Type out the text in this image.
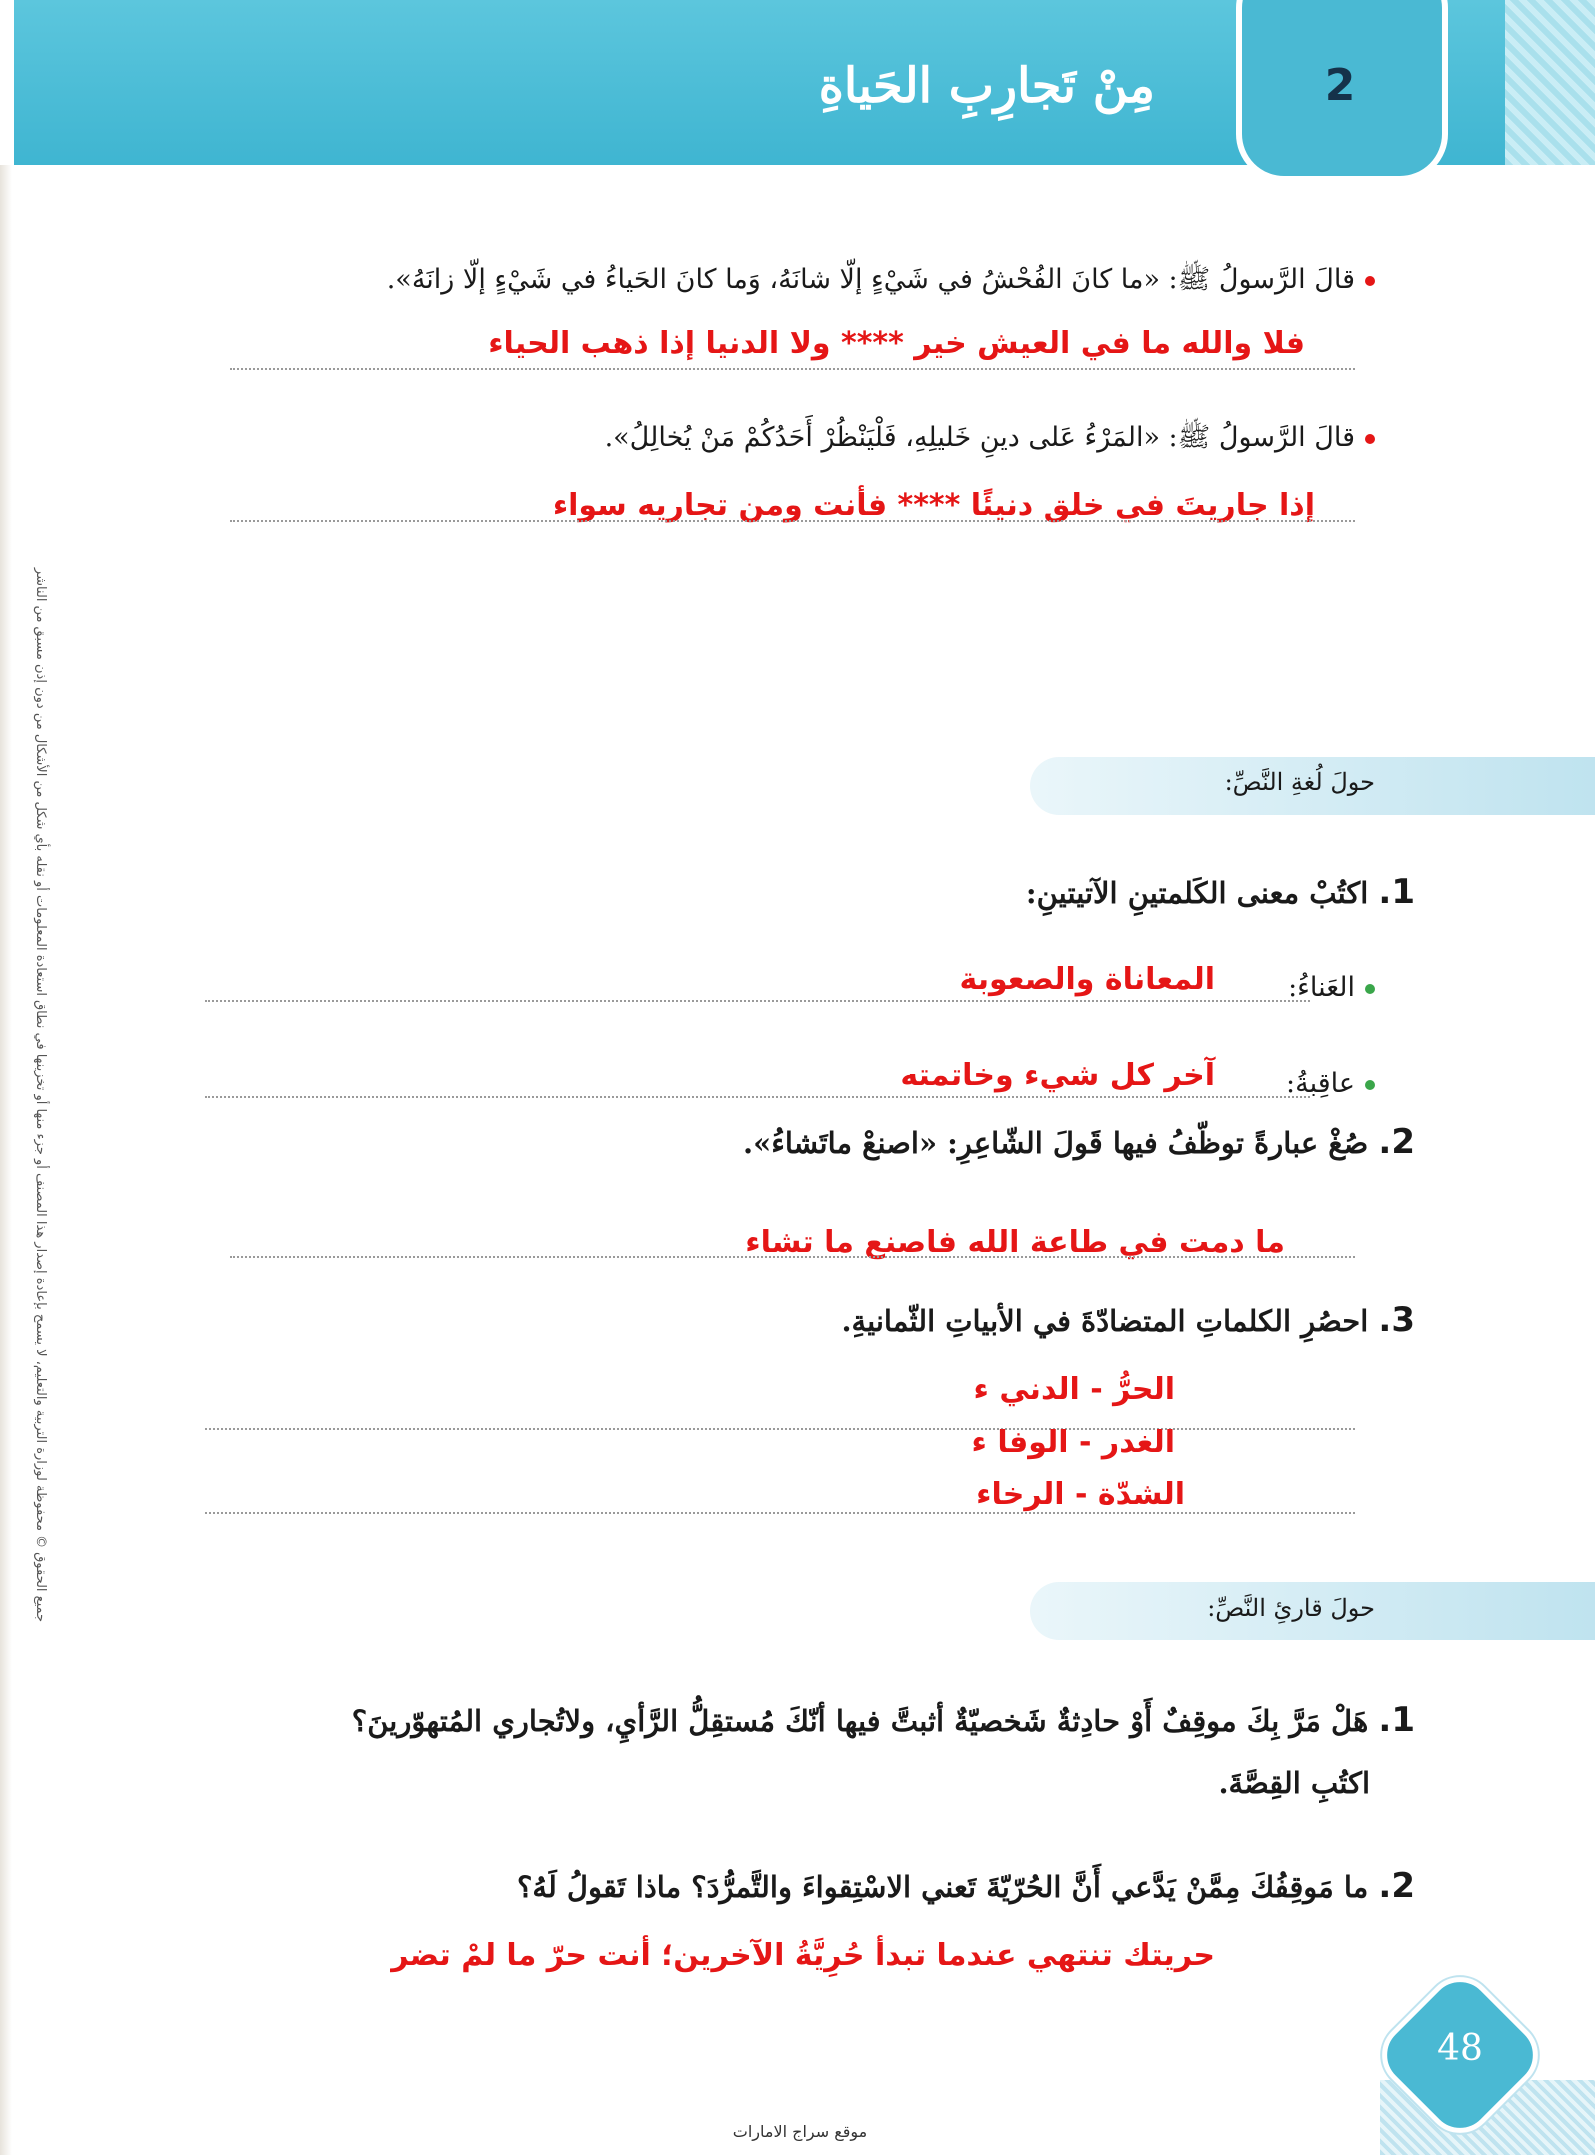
2
مِنْ تَجارِبِ الحَياةِ
جميع الحقوق © محفوظة لوزارة التربية والتعليم، لا يسمح بإعادة إصدار هذا المصنف أو جزء منها أو تخزينها في نطاق استعادة المعلومات أو نقله بأي شكل من الأشكال من دون إذن مسبق من الناشر
قالَ الرَّسولُ ﷺ: «ما كانَ الفُحْشُ في شَيْءٍ إلّا شانَهُ، وَما كانَ الحَياءُ في شَيْءٍ إلّا زانَهُ».
فلا والله ما في العيش خير **** ولا الدنيا إذا ذهب الحياء
قالَ الرَّسولُ ﷺ: «المَرْءُ عَلى دينِ خَليلِهِ، فَلْيَنْظُرْ أَحَدُكُمْ مَنْ يُخالِلُ».
إذا جاريتَ في خلق دنيئًا **** فأنت ومن تجاريه سواء
حولَ لُغةِ النَّصِّ:
1. اكتُبْ معنى الكَلمتينِ الآتيتينِ:
العَناءُ:
المعاناة والصعوبة
عاقِبةُ:
آخر كل شيء وخاتمته
2. صُغْ عبارةً توظّفُ فيها قَولَ الشّاعِرِ: «اصنعْ ماتَشاءُ».
ما دمت في طاعة الله فاصنع ما تشاء
3. احصُرِ الكلماتِ المتضادّةَ في الأبياتِ الثّمانيةِ.
الحرُّ - الدني ء
الغدر - الوفا ء
الشدّة - الرخاء
حولَ قارئِ النَّصِّ:
1. هَلْ مَرَّ بِكَ موقِفٌ أَوْ حادِثةٌ شَخصيّةٌ أثبتَّ فيها أنّكَ مُستقِلُّ الرَّأيِ، ولاتُجاري المُتهوّرينَ؟
اكتُبِ القِصَّةَ.
2. ما مَوقِفُكَ مِمَّنْ يَدَّعي أَنَّ الحُرّيّةَ تَعني الاسْتِقواءَ والتَّمرُّدَ؟ ماذا تَقولُ لَهُ؟
حريتك تنتهي عندما تبدأ حُرِيَّةُ الآخرين؛ أنت حرّ ما لمْ تضر
48
موقع سراج الامارات
